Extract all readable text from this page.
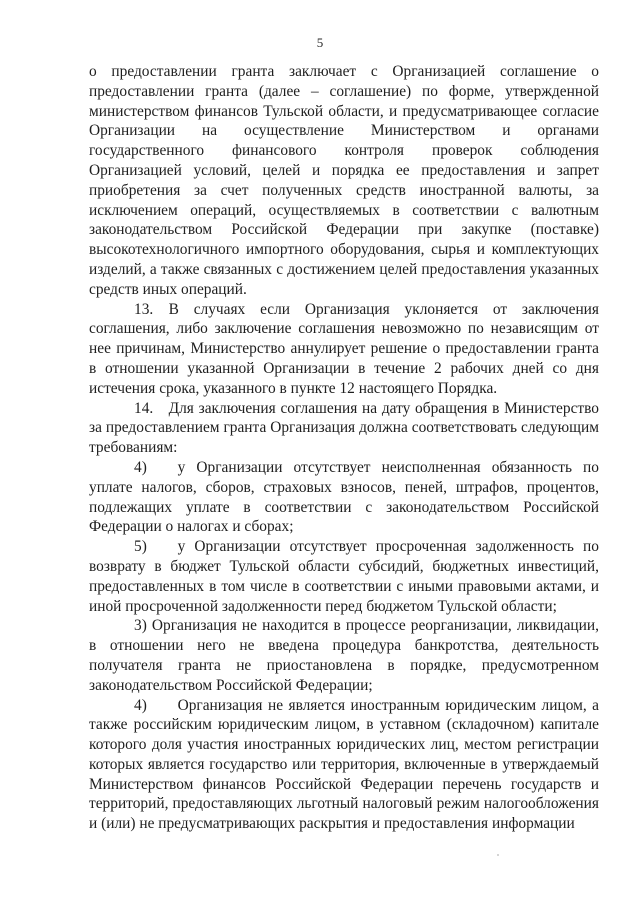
5

о предоставлении гранта заключает с Организацией соглашение о предоставлении гранта (далее – соглашение) по форме, утвержденной министерством финансов Тульской области, и предусматривающее согласие Организации на осуществление Министерством и органами государственного финансового контроля проверок соблюдения Организацией условий, целей и порядка ее предоставления и запрет приобретения за счет полученных средств иностранной валюты, за исключением операций, осуществляемых в соответствии с валютным законодательством Российской Федерации при закупке (поставке) высокотехнологичного импортного оборудования, сырья и комплектующих изделий, а также связанных с достижением целей предоставления указанных средств иных операций.

13. В случаях если Организация уклоняется от заключения соглашения, либо заключение соглашения невозможно по независящим от нее причинам, Министерство аннулирует решение о предоставлении гранта в отношении указанной Организации в течение 2 рабочих дней со дня истечения срока, указанного в пункте 12 настоящего Порядка.

14. Для заключения соглашения на дату обращения в Министерство за предоставлением гранта Организация должна соответствовать следующим требованиям:

4)  у Организации отсутствует неисполненная обязанность по уплате налогов, сборов, страховых взносов, пеней, штрафов, процентов, подлежащих уплате в соответствии с законодательством Российской Федерации о налогах и сборах;

5)  у Организации отсутствует просроченная задолженность по возврату в бюджет Тульской области субсидий, бюджетных инвестиций, предоставленных в том числе в соответствии с иными правовыми актами, и иной просроченной задолженности перед бюджетом Тульской области;

3) Организация не находится в процессе реорганизации, ликвидации, в отношении него не введена процедура банкротства, деятельность получателя гранта не приостановлена в порядке, предусмотренном законодательством Российской Федерации;

4)  Организация не является иностранным юридическим лицом, а также российским юридическим лицом, в уставном (складочном) капитале которого доля участия иностранных юридических лиц, местом регистрации которых является государство или территория, включенные в утверждаемый Министерством финансов Российской Федерации перечень государств и территорий, предоставляющих льготный налоговый режим налогообложения и (или) не предусматривающих раскрытия и предоставления информации
